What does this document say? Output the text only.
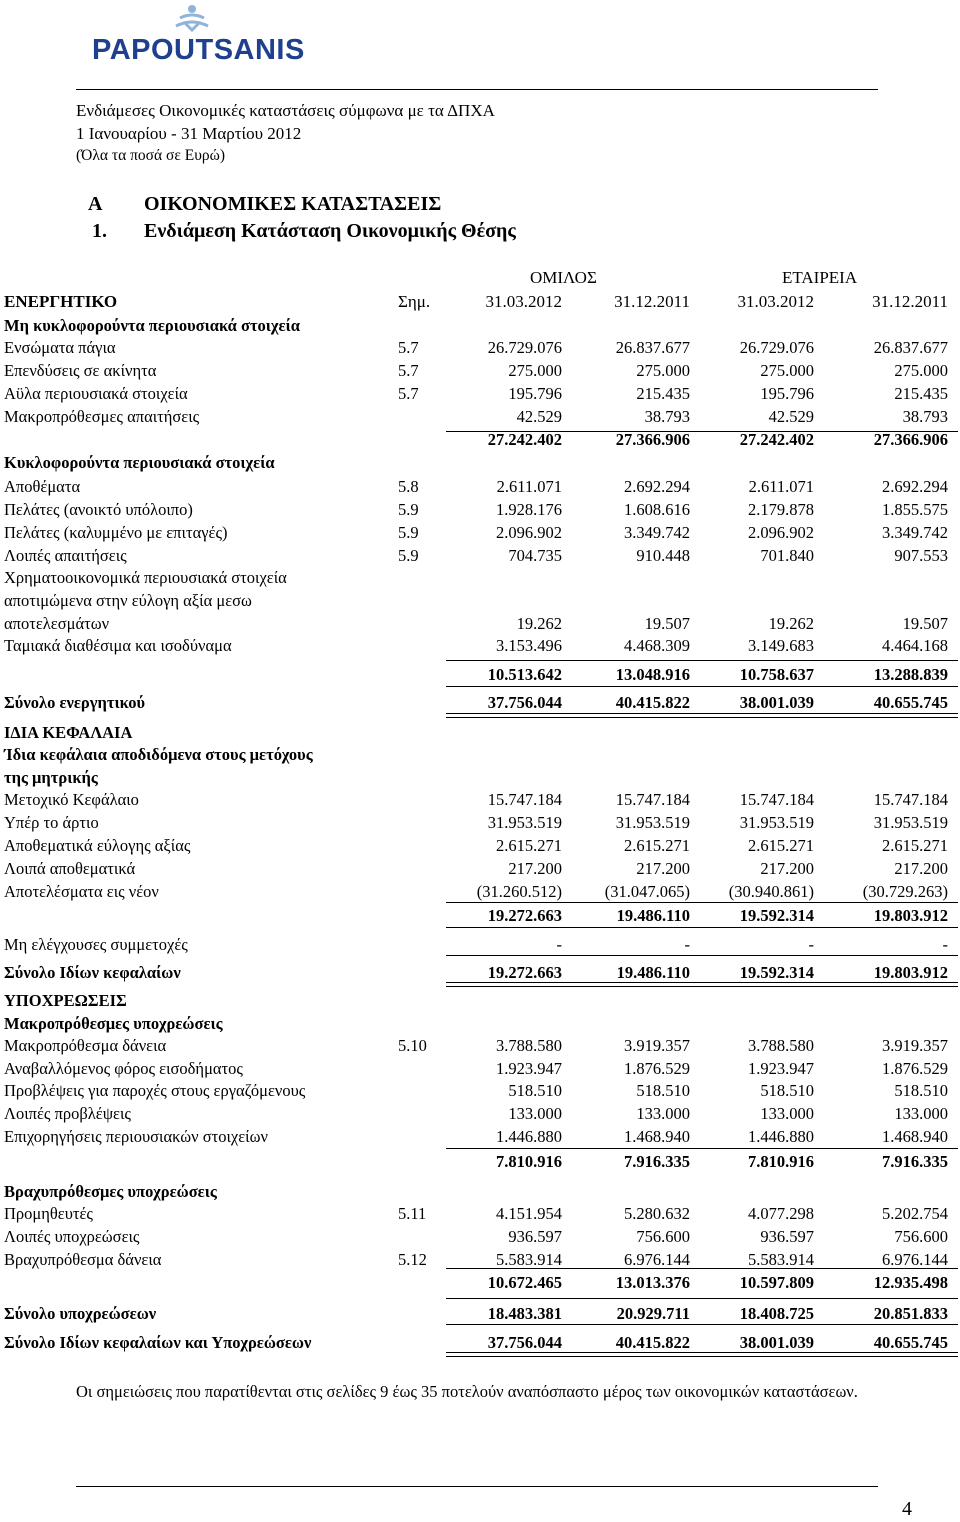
PAPOUTSANIS
Ενδιάμεσες Οικονομικές καταστάσεις σύμφωνα με τα ΔΠΧΑ
1 Ιανουαρίου - 31 Μαρτίου 2012
(Όλα τα ποσά σε Ευρώ)
Α ΟΙΚΟΝΟΜΙΚΕΣ ΚΑΤΑΣΤΑΣΕΙΣ
1. Ενδιάμεση Κατάσταση Οικονομικής Θέσης
ΟΜΙΛΟΣ	ΕΤΑΙΡΕΙΑ
ΕΝΕΡΓΗΤΙΚΟ	Σημ.	31.03.2012	31.12.2011	31.03.2012	31.12.2011
Μη κυκλοφορούντα περιουσιακά στοιχεία
Ενσώματα πάγια	5.7	26.729.076	26.837.677	26.729.076	26.837.677
Επενδύσεις σε ακίνητα	5.7	275.000	275.000	275.000	275.000
Αϋλα περιουσιακά στοιχεία	5.7	195.796	215.435	195.796	215.435
Μακροπρόθεσμες απαιτήσεις	42.529	38.793	42.529	38.793
27.242.402	27.366.906	27.242.402	27.366.906
Κυκλοφορούντα περιουσιακά στοιχεία
Αποθέματα	5.8	2.611.071	2.692.294	2.611.071	2.692.294
Πελάτες (ανοικτό υπόλοιπο)	5.9	1.928.176	1.608.616	2.179.878	1.855.575
Πελάτες (καλυμμένο με επιταγές)	5.9	2.096.902	3.349.742	2.096.902	3.349.742
Λοιπές απαιτήσεις	5.9	704.735	910.448	701.840	907.553
Χρηματοοικονομικά περιουσιακά στοιχεία
αποτιμώμενα στην εύλογη αξία μεσω
αποτελεσμάτων	19.262	19.507	19.262	19.507
Ταμιακά διαθέσιμα και ισοδύναμα	3.153.496	4.468.309	3.149.683	4.464.168
10.513.642	13.048.916	10.758.637	13.288.839
Σύνολο ενεργητικού	37.756.044	40.415.822	38.001.039	40.655.745
ΙΔΙΑ ΚΕΦΑΛΑΙΑ
Ίδια κεφάλαια αποδιδόμενα στους μετόχους
της μητρικής
Μετοχικό Κεφάλαιο	15.747.184	15.747.184	15.747.184	15.747.184
Υπέρ το άρτιο	31.953.519	31.953.519	31.953.519	31.953.519
Αποθεματικά εύλογης αξίας	2.615.271	2.615.271	2.615.271	2.615.271
Λοιπά αποθεματικά	217.200	217.200	217.200	217.200
Αποτελέσματα εις νέον	(31.260.512)	(31.047.065) (30.940.861)	(30.729.263)
19.272.663	19.486.110	19.592.314	19.803.912
Μη ελέγχουσες συμμετοχές	-	-	-	-
Σύνολο Ιδίων κεφαλαίων	19.272.663	19.486.110	19.592.314	19.803.912
ΥΠΟΧΡΕΩΣΕΙΣ
Μακροπρόθεσμες υποχρεώσεις
Μακροπρόθεσμα δάνεια	5.10	3.788.580	3.919.357	3.788.580	3.919.357
Αναβαλλόμενος φόρος εισοδήματος	1.923.947	1.876.529	1.923.947	1.876.529
Προβλέψεις για παροχές στους εργαζόμενους	518.510	518.510	518.510	518.510
Λοιπές προβλέψεις	133.000	133.000	133.000	133.000
Επιχορηγήσεις περιουσιακών στοιχείων	1.446.880	1.468.940	1.446.880	1.468.940
7.810.916	7.916.335	7.810.916	7.916.335
Βραχυπρόθεσμες υποχρεώσεις
Προμηθευτές	5.11	4.151.954	5.280.632	4.077.298	5.202.754
Λοιπές υποχρεώσεις	936.597	756.600	936.597	756.600
Βραχυπρόθεσμα δάνεια	5.12	5.583.914	6.976.144	5.583.914	6.976.144
10.672.465	13.013.376	10.597.809	12.935.498
Σύνολο υποχρεώσεων	18.483.381	20.929.711	18.408.725	20.851.833
Σύνολο Ιδίων κεφαλαίων και Υποχρεώσεων	37.756.044	40.415.822	38.001.039	40.655.745
Οι σημειώσεις που παρατίθενται στις σελίδες 9 έως 35 ποτελούν αναπόσπαστο μέρος των οικονομικών καταστάσεων.
4
